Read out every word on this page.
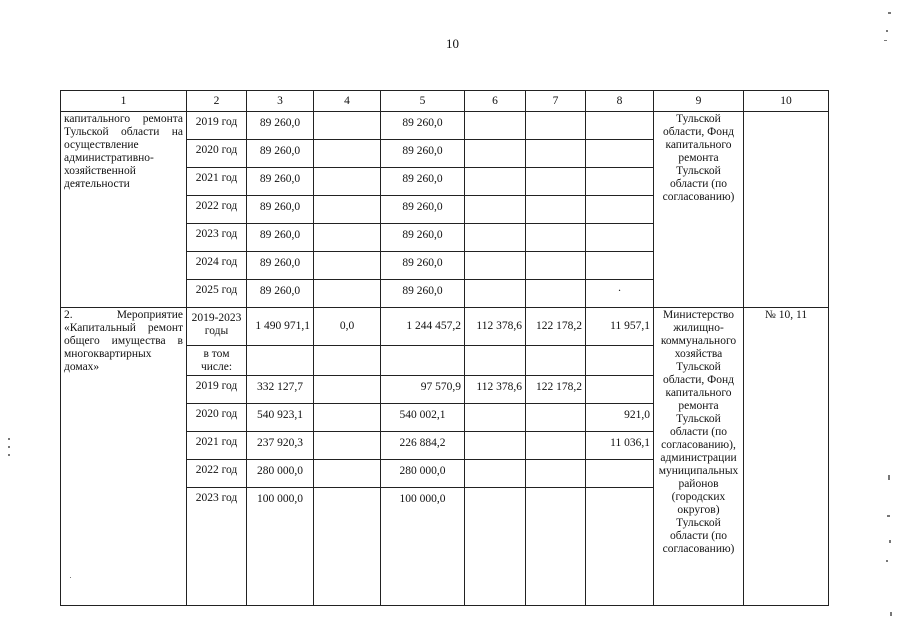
10
1	2	3	4	5	6	7	8	9	10
капитального ремонта Тульской области на осуществление административно-хозяйственной деятельности	2019 год	89 260,0		89 260,0				Тульской области, Фонд капитального ремонта Тульской области (по согласованию)	
	2020 год	89 260,0		89 260,0					
	2021 год	89 260,0		89 260,0					
	2022 год	89 260,0		89 260,0					
	2023 год	89 260,0		89 260,0					
	2024 год	89 260,0		89 260,0					
	2025 год	89 260,0		89 260,0			·		
2. Мероприятие «Капитальный ремонт общего имущества в многоквартирных домах»	2019-2023 годы	1 490 971,1	0,0	1 244 457,2	112 378,6	122 178,2	11 957,1	Министерство жилищно-коммунального хозяйства Тульской области, Фонд капитального ремонта Тульской области (по согласованию), администрации муниципальных районов (городских округов) Тульской области (по согласованию)	№ 10, 11
	в том числе:								
	2019 год	332 127,7		97 570,9	112 378,6	122 178,2			
	2020 год	540 923,1		540 002,1			921,0		
	2021 год	237 920,3		226 884,2			11 036,1		
	2022 год	280 000,0		280 000,0					
	2023 год	100 000,0		100 000,0					
